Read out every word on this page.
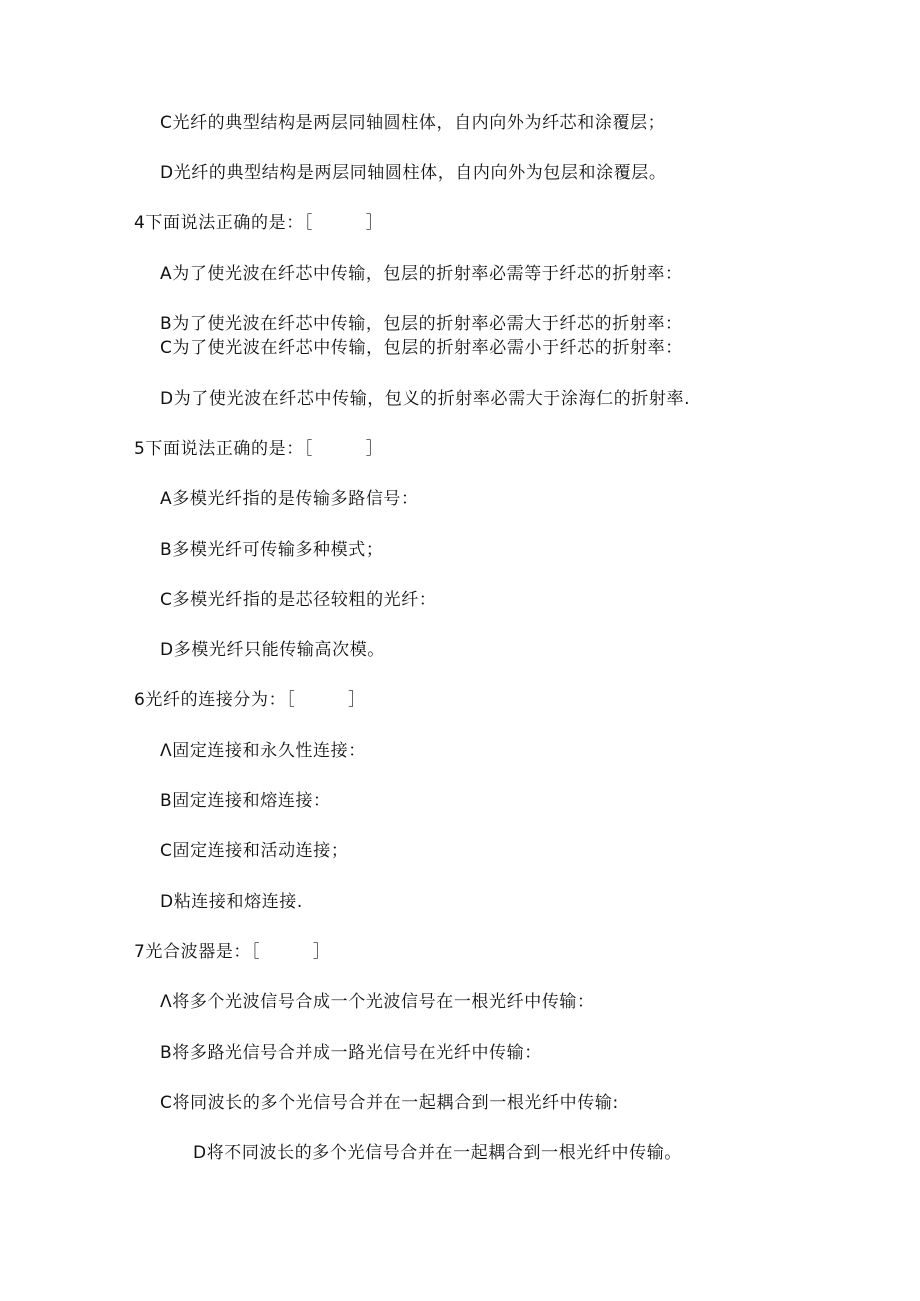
C光纤的典型结构是两层同轴圆柱体，自内向外为纤芯和涂覆层；
D光纤的典型结构是两层同轴圆柱体，自内向外为包层和涂覆层。
4下面说法正确的是：［　　　］
A为了使光波在纤芯中传输，包层的折射率必需等于纤芯的折射率：
B为了使光波在纤芯中传输，包层的折射率必需大于纤芯的折射率：
C为了使光波在纤芯中传输，包层的折射率必需小于纤芯的折射率：
D为了使光波在纤芯中传输，包义的折射率必需大于涂海仁的折射率.
5下面说法正确的是：［　　　］
A多模光纤指的是传输多路信号：
B多模光纤可传输多种模式；
C多模光纤指的是芯径较粗的光纤：
D多模光纤只能传输高次模。
6光纤的连接分为：［　　　］
Λ固定连接和永久性连接：
B固定连接和熔连接：
C固定连接和活动连接；
D粘连接和熔连接.
7光合波器是：［　　　］
Λ将多个光波信号合成一个光波信号在一根光纤中传输：
B将多路光信号合并成一路光信号在光纤中传输：
C将同波长的多个光信号合并在一起耦合到一根光纤中传输:
D将不同波长的多个光信号合并在一起耦合到一根光纤中传输。
